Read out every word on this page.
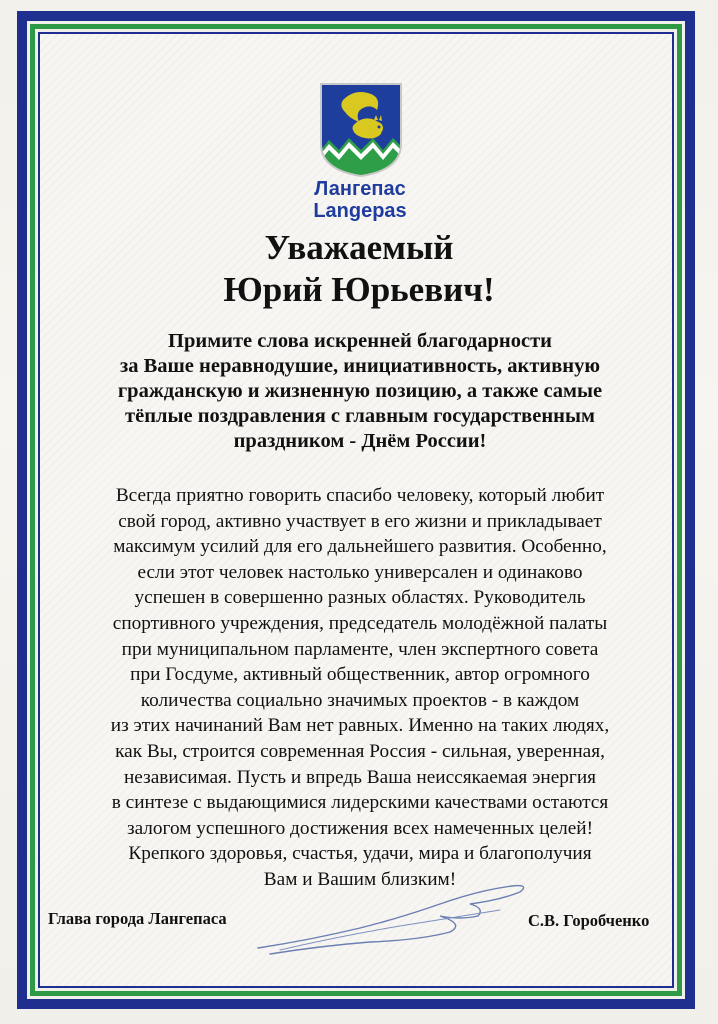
Лангепас
Langepas
Уважаемый
Юрий Юрьевич!
Примите слова искренней благодарности
за Ваше неравнодушие, инициативность, активную
гражданскую и жизненную позицию, а также самые
тёплые поздравления с главным государственным
праздником - Днём России!
Всегда приятно говорить спасибо человеку, который любит
свой город, активно участвует в его жизни и прикладывает
максимум усилий для его дальнейшего развития. Особенно,
если этот человек настолько универсален и одинаково
успешен в совершенно разных областях. Руководитель
спортивного учреждения, председатель молодёжной палаты
при муниципальном парламенте, член экспертного совета
при Госдуме, активный общественник, автор огромного
количества социально значимых проектов - в каждом
из этих начинаний Вам нет равных. Именно на таких людях,
как Вы, строится современная Россия - сильная, уверенная,
независимая. Пусть и впредь Ваша неиссякаемая энергия
в синтезе с выдающимися лидерскими качествами остаются
залогом успешного достижения всех намеченных целей!
Крепкого здоровья, счастья, удачи, мира и благополучия
Вам и Вашим близким!
Глава города Лангепаса	С.В. Горобченко
